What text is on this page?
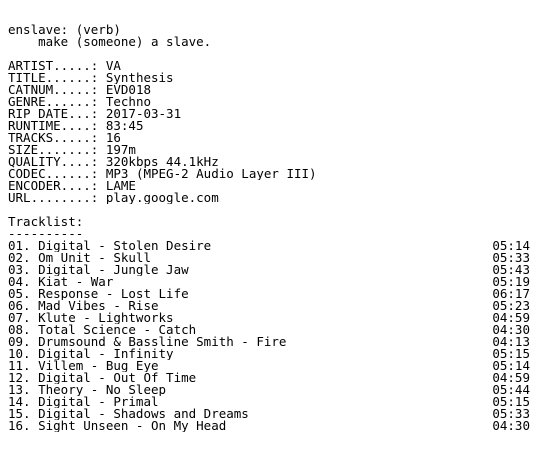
enslave: (verb)
make (someone) a slave.
ARTIST.....: VA
TITLE......: Synthesis
CATNUM.....: EVD018
GENRE......: Techno
RIP DATE...: 2017-03-31
RUNTIME....: 83:45
TRACKS.....: 16
SIZE.......: 197m
QUALITY....: 320kbps 44.1kHz
CODEC......: MP3 (MPEG-2 Audio Layer III)
ENCODER....: LAME
URL........: play.google.com
Tracklist:
----------
01. Digital - Stolen Desire	05:14
02. Om Unit - Skull	05:33
03. Digital - Jungle Jaw	05:43
04. Kiat - War	05:19
05. Response - Lost Life	06:17
06. Mad Vibes - Rise	05:23
07. Klute - Lightworks	04:59
08. Total Science - Catch	04:30
09. Drumsound & Bassline Smith - Fire	04:13
10. Digital - Infinity	05:15
11. Villem - Bug Eye	05:14
12. Digital - Out Of Time	04:59
13. Theory - No Sleep	05:44
14. Digital - Primal	05:15
15. Digital - Shadows and Dreams	05:33
16. Sight Unseen - On My Head	04:30
